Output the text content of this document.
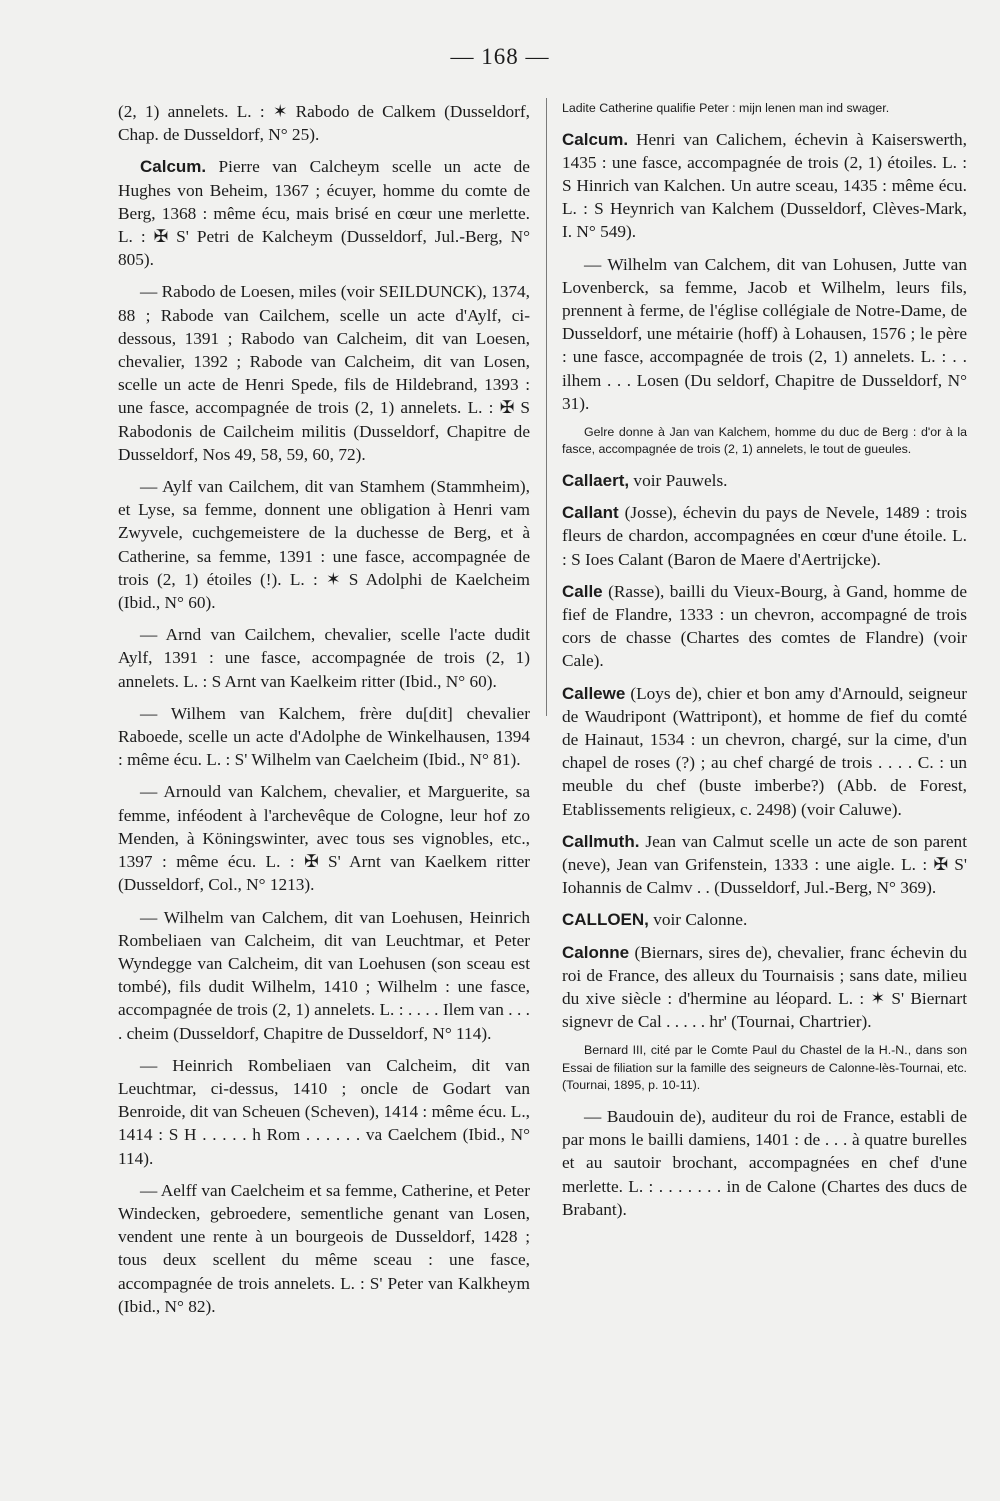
— 168 —

(2, 1) annelets. L. : ✶ Rabodo de Calkem (Dusseldorf, Chap. de Dusseldorf, N° 25).

Calcum. Pierre van Calcheym scelle un acte de Hughes von Beheim, 1367 ; écuyer, homme du comte de Berg, 1368 : même écu, mais brisé en cœur une merlette. L. : ✠ S' Petri de Kalcheym (Dusseldorf, Jul.-Berg, N° 805).

— Rabodo de Loesen, miles (voir SEILDUNCK), 1374, 88 ; Rabode van Cailchem, scelle un acte d'Aylf, ci-dessous, 1391 ; Rabodo van Calcheim, dit van Loesen, chevalier, 1392 ; Rabode van Calcheim, dit van Losen, scelle un acte de Henri Spede, fils de Hildebrand, 1393 : une fasce, accompagnée de trois (2, 1) annelets. L. : ✠ S Rabodonis de Cailcheim militis (Dusseldorf, Chapitre de Dusseldorf, Nos 49, 58, 59, 60, 72).

— Aylf van Cailchem, dit van Stamhem (Stammheim), et Lyse, sa femme, donnent une obligation à Henri vam Zwyvele, cuchgemeistere de la duchesse de Berg, et à Catherine, sa femme, 1391 : une fasce, accompagnée de trois (2, 1) étoiles (!). L. : ✶ S Adolphi de Kaelcheim (Ibid., N° 60).

— Arnd van Cailchem, chevalier, scelle l'acte dudit Aylf, 1391 : une fasce, accompagnée de trois (2, 1) annelets. L. : S Arnt van Kaelkeim ritter (Ibid., N° 60).

— Wilhem van Kalchem, frère du[dit] chevalier Raboede, scelle un acte d'Adolphe de Winkelhausen, 1394 : même écu. L. : S' Wilhelm van Caelcheim (Ibid., N° 81).

— Arnould van Kalchem, chevalier, et Marguerite, sa femme, inféodent à l'archevêque de Cologne, leur hof zo Menden, à Köningswinter, avec tous ses vignobles, etc., 1397 : même écu. L. : ✠ S' Arnt van Kaelkem ritter (Dusseldorf, Col., N° 1213).

— Wilhelm van Calchem, dit van Loehusen, Heinrich Rombeliaen van Calcheim, dit van Leuchtmar, et Peter Wyndegge van Calcheim, dit van Loehusen (son sceau est tombé), fils dudit Wilhelm, 1410 ; Wilhelm : une fasce, accompagnée de trois (2, 1) annelets. L. : . . . . Ilem van . . . . cheim (Dusseldorf, Chapitre de Dusseldorf, N° 114).

— Heinrich Rombeliaen van Calcheim, dit van Leuchtmar, ci-dessus, 1410 ; oncle de Godart van Benroide, dit van Scheuen (Scheven), 1414 : même écu. L., 1414 : S H . . . . . h Rom . . . . . . va Caelchem (Ibid., N° 114).

— Aelff van Caelcheim et sa femme, Catherine, et Peter Windecken, gebroedere, sementliche genant van Losen, vendent une rente à un bourgeois de Dusseldorf, 1428 ; tous deux scellent du même sceau : une fasce, accompagnée de trois annelets. L. : S' Peter van Kalkheym (Ibid., N° 82).

Ladite Catherine qualifie Peter : mijn lenen man ind swager.

Calcum. Henri van Calichem, échevin à Kaiserswerth, 1435 : une fasce, accompagnée de trois (2, 1) étoiles. L. : S Hinrich van Kalchen. Un autre sceau, 1435 : même écu. L. : S Heynrich van Kalchem (Dusseldorf, Clèves-Mark, I. N° 549).

— Wilhelm van Calchem, dit van Lohusen, Jutte van Lovenberck, sa femme, Jacob et Wilhelm, leurs fils, prennent à ferme, de l'église collégiale de Notre-Dame, de Dusseldorf, une métairie (hoff) à Lohausen, 1576 ; le père : une fasce, accompagnée de trois (2, 1) annelets. L. : . . ilhem . . . Losen (Du seldorf, Chapitre de Dusseldorf, N° 31).

Gelre donne à Jan van Kalchem, homme du duc de Berg : d'or à la fasce, accompagnée de trois (2, 1) annelets, le tout de gueules.

Callaert, voir Pauwels.

Callant (Josse), échevin du pays de Nevele, 1489 : trois fleurs de chardon, accompagnées en cœur d'une étoile. L. : S Ioes Calant (Baron de Maere d'Aertrijcke).

Calle (Rasse), bailli du Vieux-Bourg, à Gand, homme de fief de Flandre, 1333 : un chevron, accompagné de trois cors de chasse (Chartes des comtes de Flandre) (voir Cale).

Callewe (Loys de), chier et bon amy d'Arnould, seigneur de Waudripont (Wattripont), et homme de fief du comté de Hainaut, 1534 : un chevron, chargé, sur la cime, d'un chapel de roses (?) ; au chef chargé de trois . . . . C. : un meuble du chef (buste imberbe?) (Abb. de Forest, Etablissements religieux, c. 2498) (voir Caluwe).

Callmuth. Jean van Calmut scelle un acte de son parent (neve), Jean van Grifenstein, 1333 : une aigle. L. : ✠ S' Iohannis de Calmv . . (Dusseldorf, Jul.-Berg, N° 369).

CALLOEN, voir Calonne.

Calonne (Biernars, sires de), chevalier, franc échevin du roi de France, des alleux du Tournaisis ; sans date, milieu du xive siècle : d'hermine au léopard. L. : ✶ S' Biernart signevr de Cal . . . . . hr' (Tournai, Chartrier).

Bernard III, cité par le Comte Paul du Chastel de la H.-N., dans son Essai de filiation sur la famille des seigneurs de Calonne-lès-Tournai, etc. (Tournai, 1895, p. 10-11).

— Baudouin de), auditeur du roi de France, establi de par mons le bailli damiens, 1401 : de . . . à quatre burelles et au sautoir brochant, accompagnées en chef d'une merlette. L. : . . . . . . . in de Calone (Chartes des ducs de Brabant).
